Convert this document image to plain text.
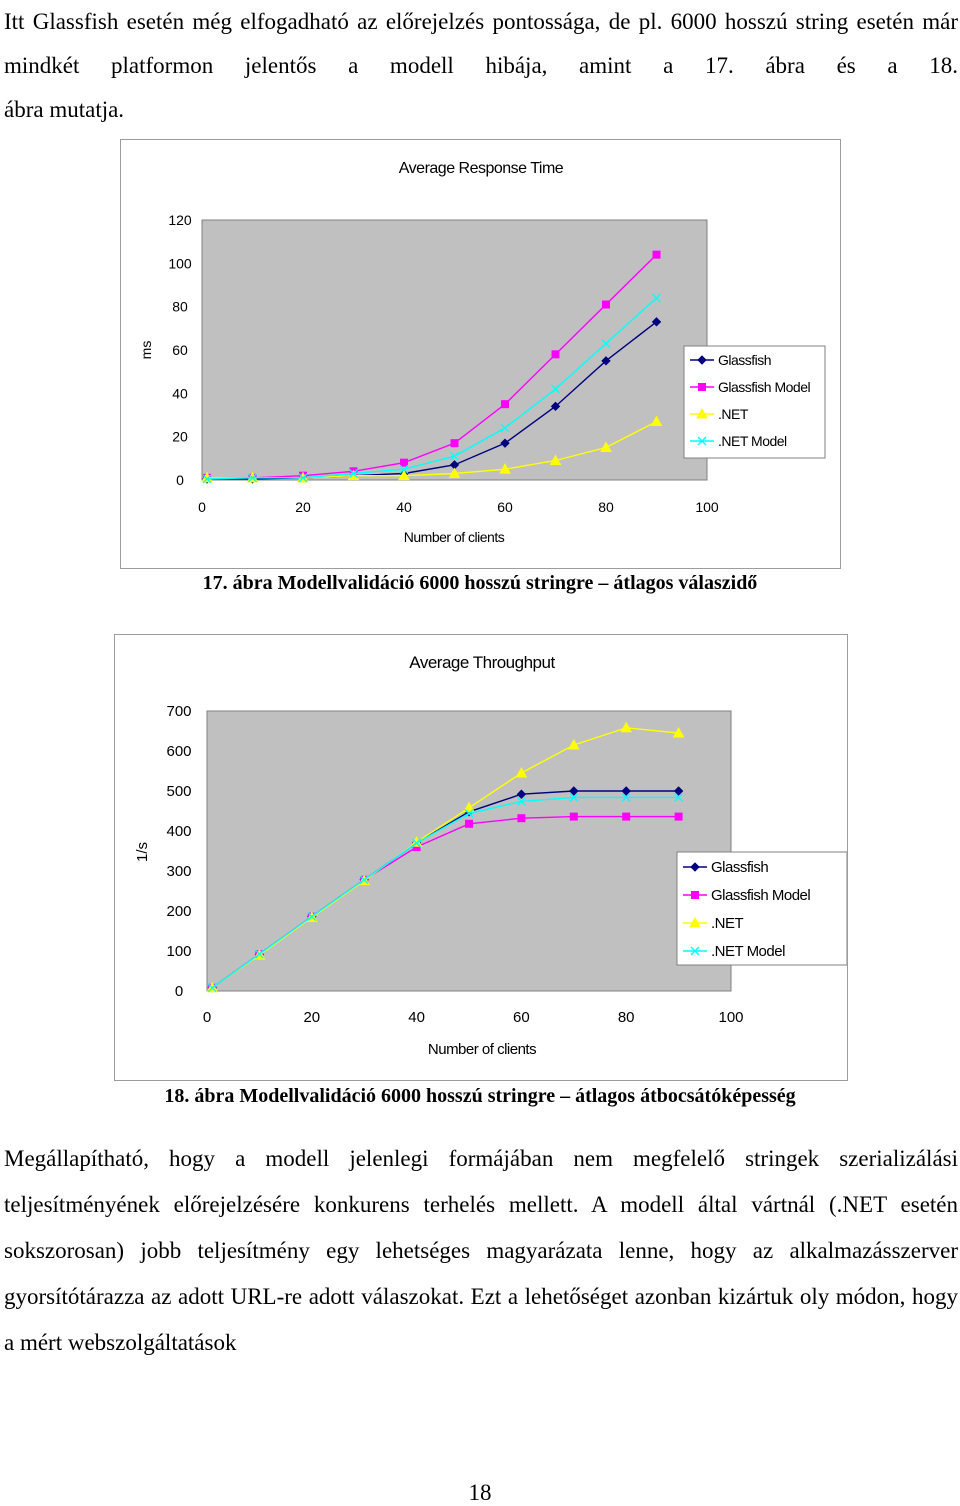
Itt Glassfish esetén még elfogadható az előrejelzés pontossága, de pl. 6000 hosszú string esetén már mindkét platformon jelentős a modell hibája, amint a 17. ábra és a 18.
ábra mutatja.

Average Response Time
0
20
40
60
80
100
120
0	20	40	60	80	100
Number of clients
ms
Glassfish
Glassfish Model
.NET
.NET Model

17. ábra Modellvalidáció 6000 hosszú stringre – átlagos válaszidő

Average Throughput
0
100
200
300
400
500
600
700
0	20	40	60	80	100
Number of clients
1/s
Glassfish
Glassfish Model
.NET
.NET Model

18. ábra Modellvalidáció 6000 hosszú stringre – átlagos átbocsátóképesség

Megállapítható, hogy a modell jelenlegi formájában nem megfelelő stringek szerializálási teljesítményének előrejelzésére konkurens terhelés mellett. A modell által vártnál (.NET esetén sokszorosan) jobb teljesítmény egy lehetséges magyarázata lenne, hogy az alkalmazásszerver gyorsítótárazza az adott URL-re adott válaszokat. Ezt a lehetőséget azonban kizártuk oly módon, hogy a mért webszolgáltatások

18
